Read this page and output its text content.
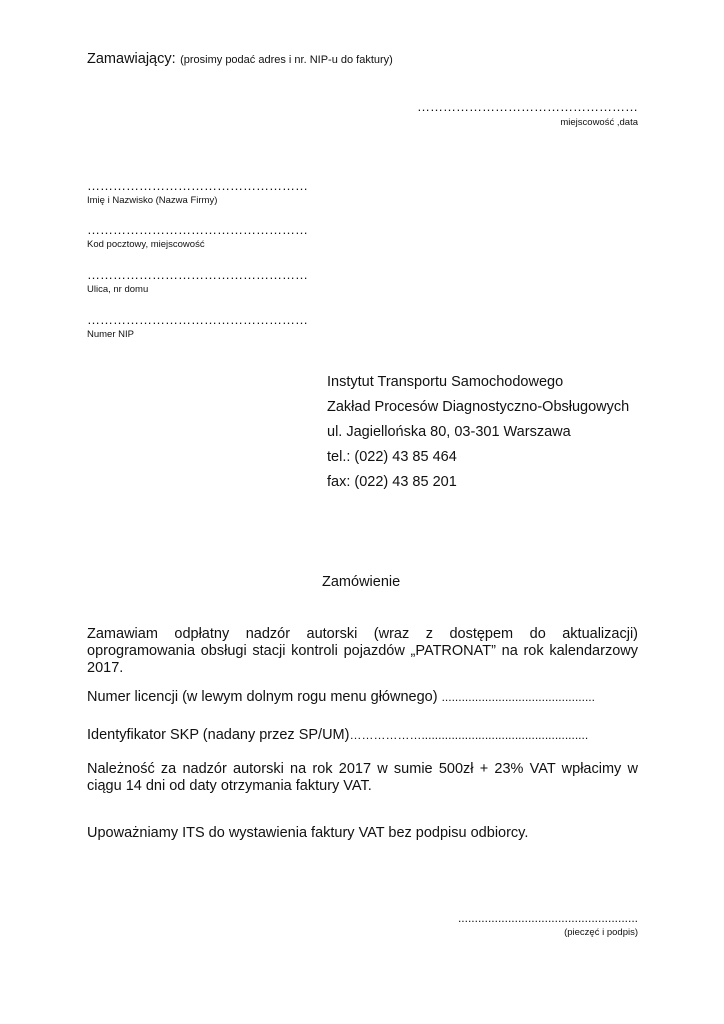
Zamawiający: (prosimy podać adres i nr. NIP-u do faktury)
……………………………………………
miejscowość ,data
……………………………………………
Imię i Nazwisko (Nazwa Firmy)
……………………………………………
Kod pocztowy, miejscowość
……………………………………………
Ulica, nr domu
……………………………………………
Numer NIP
Instytut Transportu Samochodowego
Zakład Procesów Diagnostyczno-Obsługowych
ul. Jagiellońska 80, 03-301 Warszawa
tel.: (022) 43 85 464
fax: (022) 43 85 201
Zamówienie
Zamawiam odpłatny nadzór autorski (wraz z dostępem do aktualizacji) oprogramowania obsługi stacji kontroli pojazdów „PATRONAT” na rok kalendarzowy 2017.
Numer licencji (w lewym dolnym rogu menu głównego) ..............................................
Identyfikator SKP (nadany przez SP/UM)………………..................................................
Należność za nadzór autorski na rok 2017 w sumie 500zł + 23% VAT wpłacimy w ciągu 14 dni od daty otrzymania faktury VAT.
Upoważniamy ITS do wystawienia faktury VAT bez podpisu odbiorcy.
......................................................
(pieczęć i podpis)
